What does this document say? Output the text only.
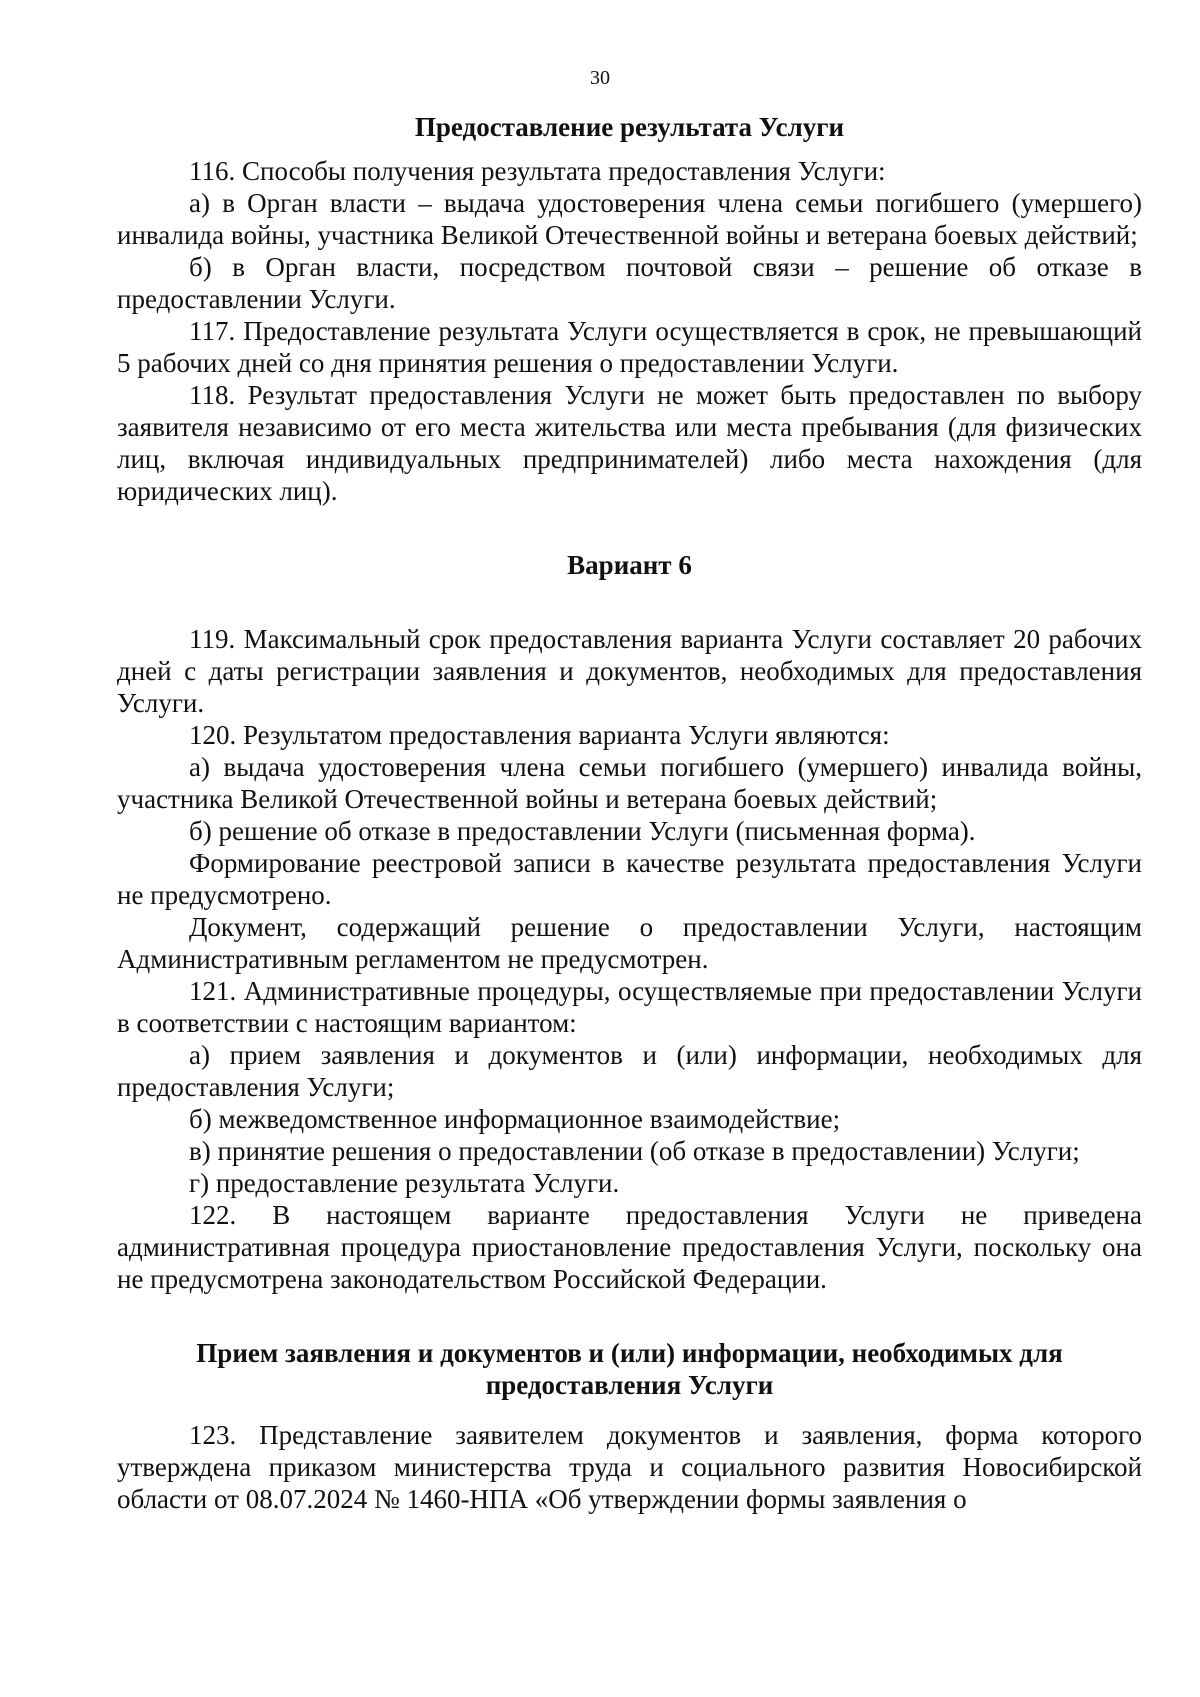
30
Предоставление результата Услуги

116. Способы получения результата предоставления Услуги:

а) в Орган власти – выдача удостоверения члена семьи погибшего (умершего) инвалида войны, участника Великой Отечественной войны и ветерана боевых действий;

б) в Орган власти, посредством почтовой связи – решение об отказе в предоставлении Услуги.

117. Предоставление результата Услуги осуществляется в срок, не превышающий 5 рабочих дней со дня принятия решения о предоставлении Услуги.

118. Результат предоставления Услуги не может быть предоставлен по выбору заявителя независимо от его места жительства или места пребывания (для физических лиц, включая индивидуальных предпринимателей) либо места нахождения (для юридических лиц).

Вариант 6

119. Максимальный срок предоставления варианта Услуги составляет 20 рабочих дней с даты регистрации заявления и документов, необходимых для предоставления Услуги.

120. Результатом предоставления варианта Услуги являются:

а) выдача удостоверения члена семьи погибшего (умершего) инвалида войны, участника Великой Отечественной войны и ветерана боевых действий;

б) решение об отказе в предоставлении Услуги (письменная форма).

Формирование реестровой записи в качестве результата предоставления Услуги не предусмотрено.

Документ, содержащий решение о предоставлении Услуги, настоящим Административным регламентом не предусмотрен.

121. Административные процедуры, осуществляемые при предоставлении Услуги в соответствии с настоящим вариантом:

а) прием заявления и документов и (или) информации, необходимых для предоставления Услуги;

б) межведомственное информационное взаимодействие;

в) принятие решения о предоставлении (об отказе в предоставлении) Услуги;

г) предоставление результата Услуги.

122. В настоящем варианте предоставления Услуги не приведена административная процедура приостановление предоставления Услуги, поскольку она не предусмотрена законодательством Российской Федерации.

Прием заявления и документов и (или) информации, необходимых для
предоставления Услуги

123. Представление заявителем документов и заявления, форма которого утверждена приказом министерства труда и социального развития Новосибирской области от 08.07.2024 № 1460-НПА «Об утверждении формы заявления о
